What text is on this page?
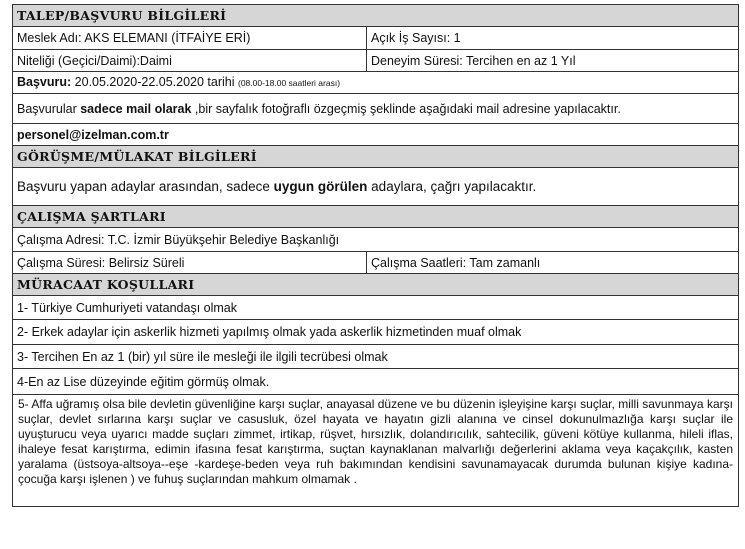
TALEP/BAŞVURU BİLGİLERİ	
Meslek Adı: AKS ELEMANI (İTFAİYE ERİ)	Açık İş Sayısı: 1
Niteliği (Geçici/Daimi):Daimi	Deneyim Süresi: Tercihen en az 1 Yıl
Başvuru: 20.05.2020-22.05.2020 tarihi (08.00-18.00 saatleri arası)	
Başvurular sadece mail olarak ,bir sayfalık fotoğraflı özgeçmiş şeklinde aşağıdaki mail adresine yapılacaktır.	
personel@izelman.com.tr	
GÖRÜŞME/MÜLAKAT BİLGİLERİ	
Başvuru yapan adaylar arasından, sadece uygun görülen adaylara, çağrı yapılacaktır.	
ÇALIŞMA ŞARTLARI	
Çalışma Adresi: T.C. İzmir Büyükşehir Belediye Başkanlığı	
Çalışma Süresi: Belirsiz Süreli	Çalışma Saatleri: Tam zamanlı
MÜRACAAT KOŞULLARI	
1- Türkiye Cumhuriyeti vatandaşı olmak	
2- Erkek adaylar için askerlik hizmeti yapılmış olmak yada askerlik hizmetinden muaf olmak	
3- Tercihen En az 1 (bir) yıl süre ile mesleği ile ilgili tecrübesi olmak	
4-En az Lise düzeyinde eğitim görmüş olmak.	
5- Affa uğramış olsa bile devletin güvenliğine karşı suçlar, anayasal düzene ve bu düzenin işleyişine karşı suçlar, milli savunmaya karşı suçlar, devlet sırlarına karşı suçlar ve casusluk, özel hayata ve hayatın gizli alanına ve cinsel dokunulmazlığa karşı suçlar ile uyuşturucu veya uyarıcı madde suçları zimmet, irtikap, rüşvet, hırsızlık, dolandırıcılık, sahtecilik, güveni kötüye kullanma, hileli iflas, ihaleye fesat karıştırma, edimin ifasına fesat karıştırma, suçtan kaynaklanan malvarlığı değerlerini aklama veya kaçakçılık, kasten yaralama (üstsoya-altsoya--eşe -kardeşe-beden veya ruh bakımından kendisini savunamayacak durumda bulunan kişiye kadına- çocuğa karşı işlenen ) ve fuhuş suçlarından mahkum olmamak .	
